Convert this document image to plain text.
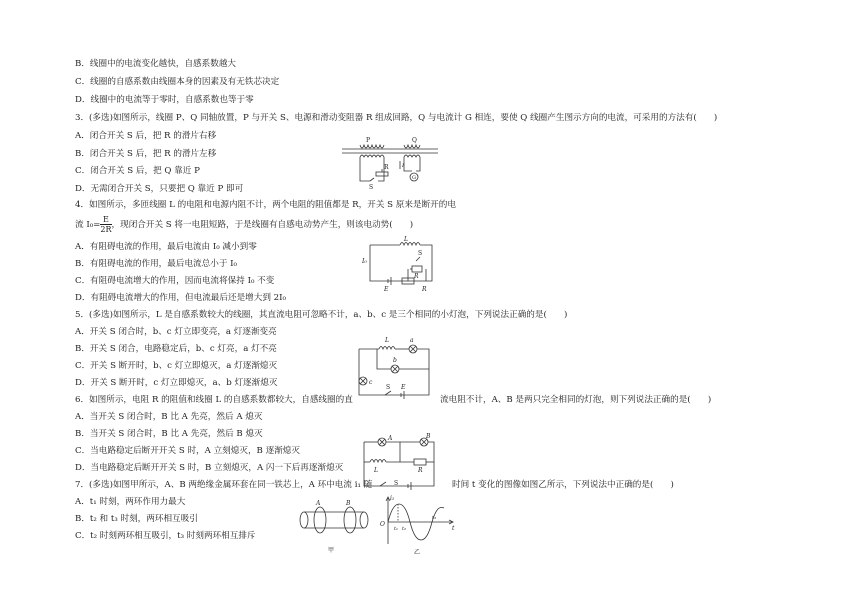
B．线圈中的电流变化越快，自感系数越大
C．线圈的自感系数由线圈本身的因素及有无铁芯决定
D．线圈中的电流等于零时，自感系数也等于零
3．(多选)如图所示，线圈 P、Q 同轴放置，P 与开关 S、电源和滑动变阻器 R 组成回路，Q 与电流计 G 相连，要使 Q 线圈产生图示方向的电流，可采用的方法有(　　)
A．闭合开关 S 后，把 R 的滑片右移
B．闭合开关 S 后，把 R 的滑片左移
C．闭合开关 S 后，把 Q 靠近 P
D．无需闭合开关 S，只要把 Q 靠近 P 即可
4．如图所示，多匝线圈 L 的电阻和电源内阻不计，两个电阻的阻值都是 R，开关 S 原来是断开的电
流 $I_0= \frac{E}{2R}$ ，现闭合开关 S 将一电阻短路，于是线圈有自感电动势产生，则该电动势(　　)
A．有阻碍电流的作用，最后电流由 I₀ 减小到零
B．有阻碍电流的作用，最后电流总小于 I₀
C．有阻碍电流增大的作用，因而电流将保持 I₀ 不变
D．有阻碍电流增大的作用，但电流最后还是增大到 2I₀
5．(多选)如图所示，L 是自感系数较大的线圈，其直流电阻可忽略不计，a、b、c 是三个相同的小灯泡，下列说法正确的是(　　)
A．开关 S 闭合时，b、c 灯立即变亮，a 灯逐渐变亮
B．开关 S 闭合，电路稳定后，b、c 灯亮，a 灯不亮
C．开关 S 断开时，b、c 灯立即熄灭，a 灯逐渐熄灭
D．开关 S 断开时，c 灯立即熄灭，a、b 灯逐渐熄灭
6．如图所示，电阻 R 的阻值和线圈 L 的自感系数都较大，自感线圈的直	流电阻不计，A、B 是两只完全相同的灯泡，则下列说法正确的是(　　)
A．当开关 S 闭合时，B 比 A 先亮，然后 A 熄灭
B．当开关 S 闭合时，B 比 A 先亮，然后 B 熄灭
C．当电路稳定后断开开关 S 时，A 立刻熄灭，B 逐渐熄灭
D．当电路稳定后断开开关 S 时，B 立刻熄灭，A 闪一下后再逐渐熄灭
7．(多选)如图甲所示，A、B 两绝缘金属环套在同一铁芯上，A 环中电流 i₁ 随	时间 t 变化的图像如图乙所示，下列说法中正确的是(　　)
A．t₁ 时刻，两环作用力最大
B．t₂ 和 t₃ 时刻，两环相互吸引
C．t₂ 时刻两环相互吸引，t₃ 时刻两环相互排斥
P	Q
S
R
G
I
L
I₀
S
R
E	R
L	a
b
c
S E
A	B
L	R
S
A	B
甲
i₁
O
t
t₁ t₂
t₃
乙
